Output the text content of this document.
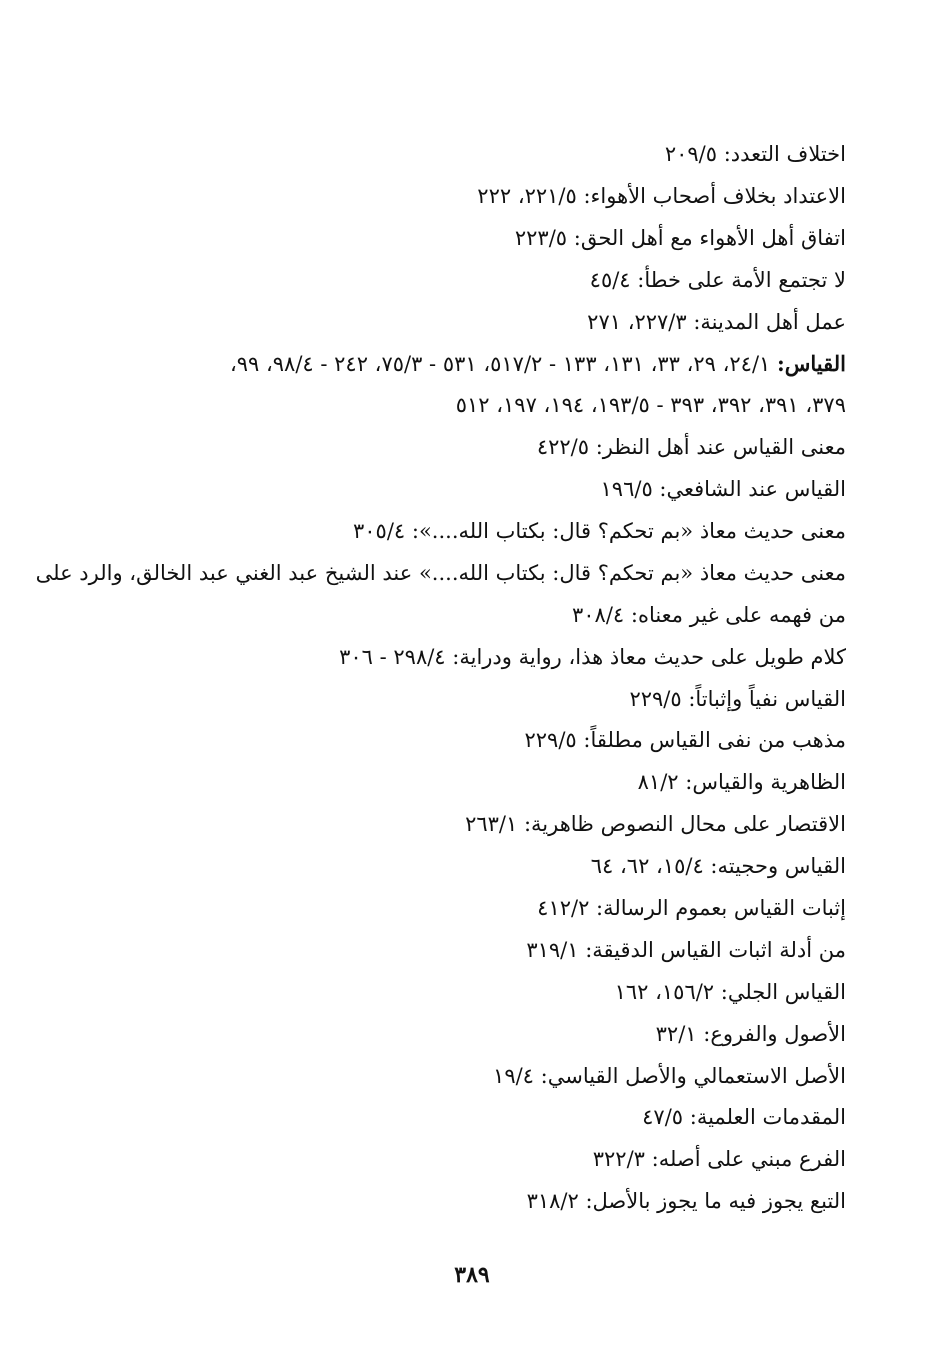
اختلاف التعدد: ٢٠٩/٥
الاعتداد بخلاف أصحاب الأهواء: ٢٢١/٥، ٢٢٢
اتفاق أهل الأهواء مع أهل الحق: ٢٢٣/٥
لا تجتمع الأمة على خطأ: ٤٥/٤
عمل أهل المدينة: ٢٢٧/٣، ٢٧١
القياس: ٢٤/١، ٢٩، ٣٣، ١٣١، ١٣٣ - ٥١٧/٢، ٥٣١ - ٧٥/٣، ٢٤٢ - ٩٨/٤، ٩٩،
٣٧٩، ٣٩١، ٣٩٢، ٣٩٣ - ١٩٣/٥، ١٩٤، ١٩٧، ٥١٢
معنى القياس عند أهل النظر: ٤٢٢/٥
القياس عند الشافعي: ١٩٦/٥
معنى حديث معاذ «بم تحكم؟ قال: بكتاب الله....»: ٣٠٥/٤
معنى حديث معاذ «بم تحكم؟ قال: بكتاب الله....» عند الشيخ عبد الغني عبد الخالق، والرد على
من فهمه على غير معناه: ٣٠٨/٤
كلام طويل على حديث معاذ هذا، رواية ودراية: ٢٩٨/٤ - ٣٠٦
القياس نفياً وإثباتاً: ٢٢٩/٥
مذهب من نفى القياس مطلقاً: ٢٢٩/٥
الظاهرية والقياس: ٨١/٢
الاقتصار على محال النصوص ظاهرية: ٢٦٣/١
القياس وحجيته: ١٥/٤، ٦٢، ٦٤
إثبات القياس بعموم الرسالة: ٤١٢/٢
من أدلة اثبات القياس الدقيقة: ٣١٩/١
القياس الجلي: ١٥٦/٢، ١٦٢
الأصول والفروع: ٣٢/١
الأصل الاستعمالي والأصل القياسي: ١٩/٤
المقدمات العلمية: ٤٧/٥
الفرع مبني على أصله: ٣٢٢/٣
التبع يجوز فيه ما يجوز بالأصل: ٣١٨/٢
٣٨٩
